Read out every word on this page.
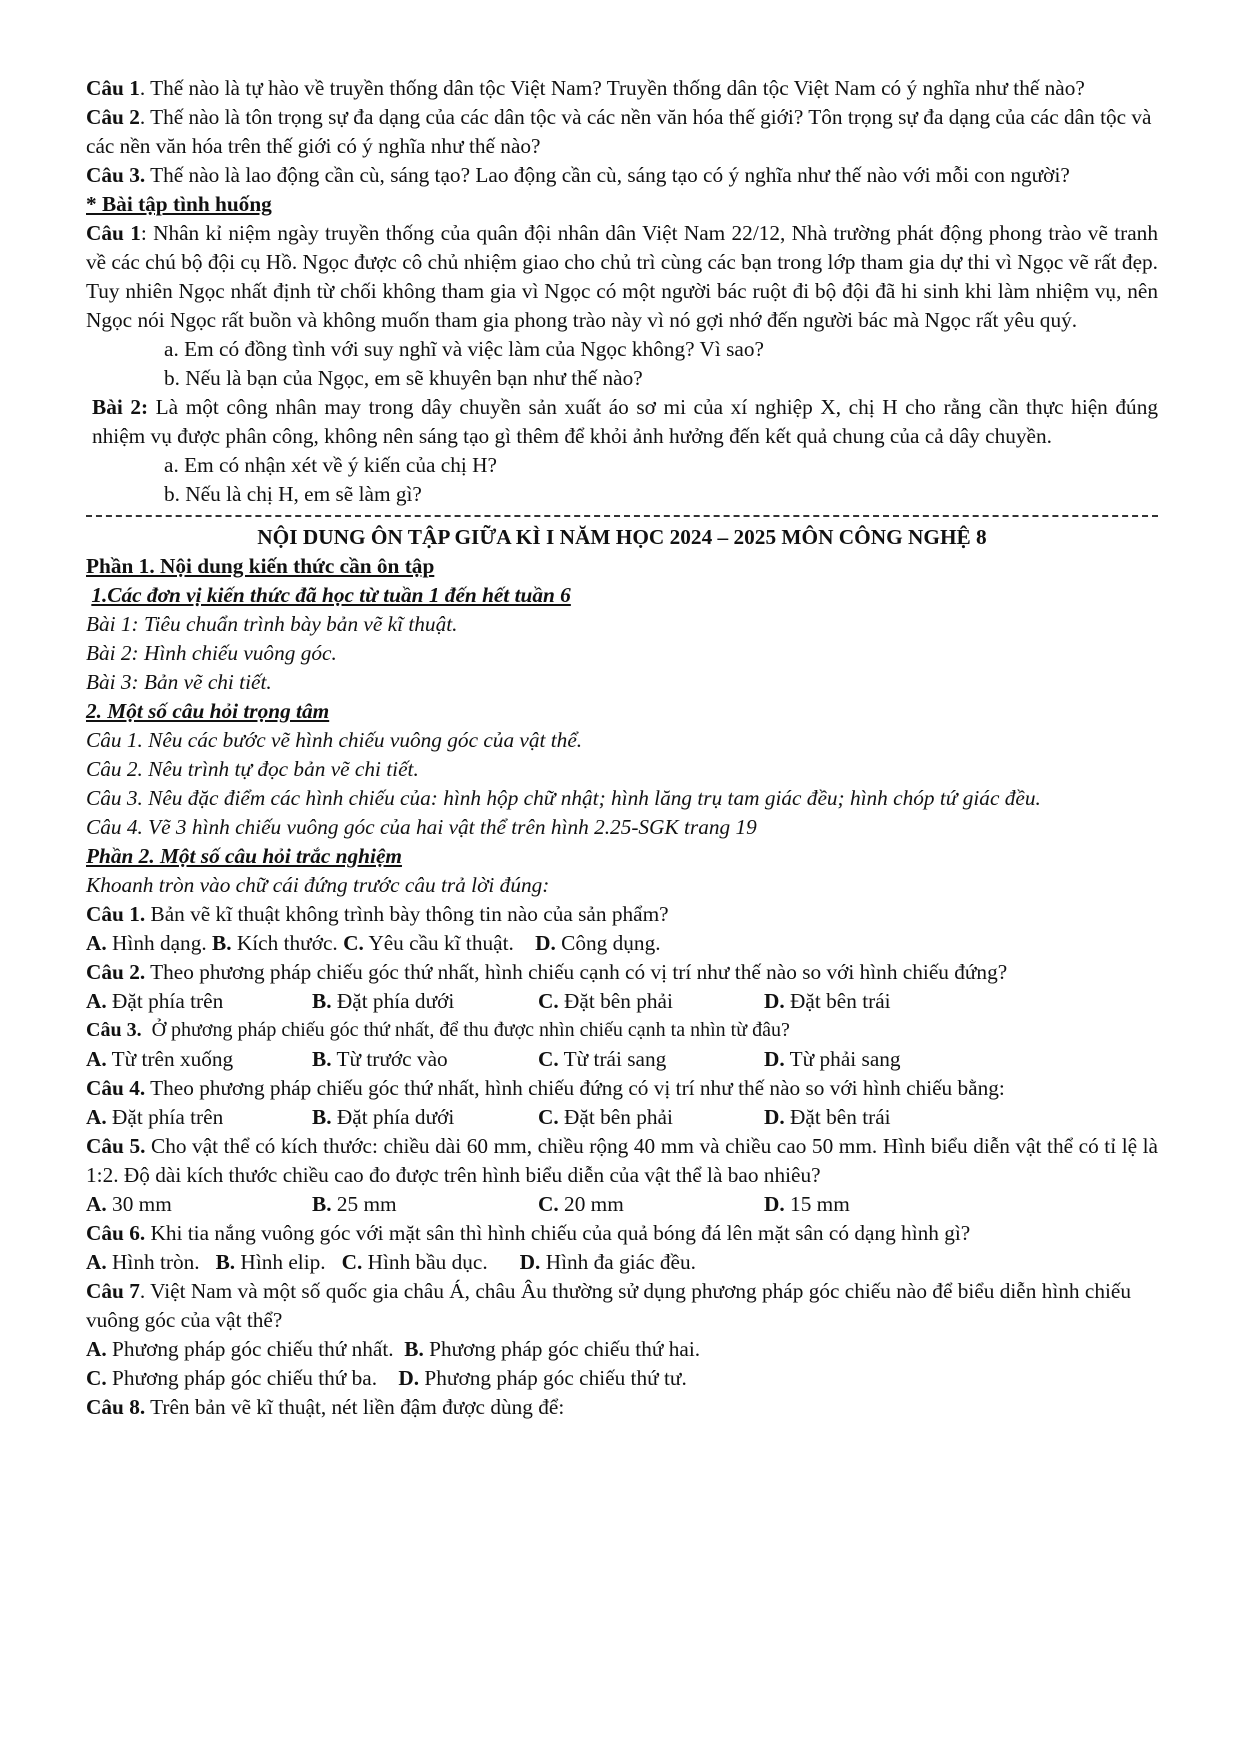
Câu 1. Thế nào là tự hào về truyền thống dân tộc Việt Nam? Truyền thống dân tộc Việt Nam có ý nghĩa như thế nào?

Câu 2. Thế nào là tôn trọng sự đa dạng của các dân tộc và các nền văn hóa thế giới? Tôn trọng sự đa dạng của các dân tộc và các nền văn hóa trên thế giới có ý nghĩa như thế nào?

Câu 3. Thế nào là lao động cần cù, sáng tạo? Lao động cần cù, sáng tạo có ý nghĩa như thế nào với mỗi con người?

* Bài tập tình huống

Câu 1: Nhân kỉ niệm ngày truyền thống của quân đội nhân dân Việt Nam 22/12, Nhà trường phát động phong trào vẽ tranh về các chú bộ đội cụ Hồ. Ngọc được cô chủ nhiệm giao cho chủ trì cùng các bạn trong lớp tham gia dự thi vì Ngọc vẽ rất đẹp. Tuy nhiên Ngọc nhất định từ chối không tham gia vì Ngọc có một người bác ruột đi bộ đội đã hi sinh khi làm nhiệm vụ, nên Ngọc nói Ngọc rất buồn và không muốn tham gia phong trào này vì nó gợi nhớ đến người bác mà Ngọc rất yêu quý.

a. Em có đồng tình với suy nghĩ và việc làm của Ngọc không? Vì sao?

b. Nếu là bạn của Ngọc, em sẽ khuyên bạn như thế nào?

Bài 2: Là một công nhân may trong dây chuyền sản xuất áo sơ mi của xí nghiệp X, chị H cho rằng cần thực hiện đúng nhiệm vụ được phân công, không nên sáng tạo gì thêm để khỏi ảnh hưởng đến kết quả chung của cả dây chuyền.

a. Em có nhận xét về ý kiến của chị H?

b. Nếu là chị H, em sẽ làm gì?

NỘI DUNG ÔN TẬP GIỮA KÌ I NĂM HỌC 2024 – 2025 MÔN CÔNG NGHỆ 8

Phần 1. Nội dung kiến thức cần ôn tập

1.Các đơn vị kiến thức đã học từ tuần 1 đến hết tuần 6

Bài 1: Tiêu chuẩn trình bày bản vẽ kĩ thuật.

Bài 2: Hình chiếu vuông góc.

Bài 3: Bản vẽ chi tiết.

2. Một số câu hỏi trọng tâm

Câu 1. Nêu các bước vẽ hình chiếu vuông góc của vật thể.

Câu 2. Nêu trình tự đọc bản vẽ chi tiết.

Câu 3. Nêu đặc điểm các hình chiếu của: hình hộp chữ nhật; hình lăng trụ tam giác đều; hình chóp tứ giác đều.

Câu 4. Vẽ 3 hình chiếu vuông góc của hai vật thể trên hình 2.25-SGK trang 19

Phần 2. Một số câu hỏi trắc nghiệm

Khoanh tròn vào chữ cái đứng trước câu trả lời đúng:

Câu 1. Bản vẽ kĩ thuật không trình bày thông tin nào của sản phẩm?

A. Hình dạng. B. Kích thước. C. Yêu cầu kĩ thuật.    D. Công dụng.

Câu 2. Theo phương pháp chiếu góc thứ nhất, hình chiếu cạnh có vị trí như thế nào so với hình chiếu đứng?

A. Đặt phía trên	B. Đặt phía dưới	C. Đặt bên phải	D. Đặt bên trái

Câu 3.  Ở phương pháp chiếu góc thứ nhất, để thu được nhìn chiếu cạnh ta nhìn từ đâu?

A. Từ trên xuống	B. Từ trước vào	C. Từ trái sang	D. Từ phải sang

Câu 4. Theo phương pháp chiếu góc thứ nhất, hình chiếu đứng có vị trí như thế nào so với hình chiếu bằng:

A. Đặt phía trên	B. Đặt phía dưới	C. Đặt bên phải	D. Đặt bên trái

Câu 5. Cho vật thể có kích thước: chiều dài 60 mm, chiều rộng 40 mm và chiều cao 50 mm. Hình biểu diễn vật thể có tỉ lệ là 1:2. Độ dài kích thước chiều cao đo được trên hình biểu diễn của vật thể là bao nhiêu?

A. 30 mm	B. 25 mm	C. 20 mm	D. 15 mm

Câu 6. Khi tia nắng vuông góc với mặt sân thì hình chiếu của quả bóng đá lên mặt sân có dạng hình gì?

A. Hình tròn.   B. Hình elip.   C. Hình bầu dục.      D. Hình đa giác đều.

Câu 7. Việt Nam và một số quốc gia châu Á, châu Âu thường sử dụng phương pháp góc chiếu nào để biểu diễn hình chiếu vuông góc của vật thể?

A. Phương pháp góc chiếu thứ nhất.  B. Phương pháp góc chiếu thứ hai.

C. Phương pháp góc chiếu thứ ba.    D. Phương pháp góc chiếu thứ tư.

Câu 8. Trên bản vẽ kĩ thuật, nét liền đậm được dùng để:
